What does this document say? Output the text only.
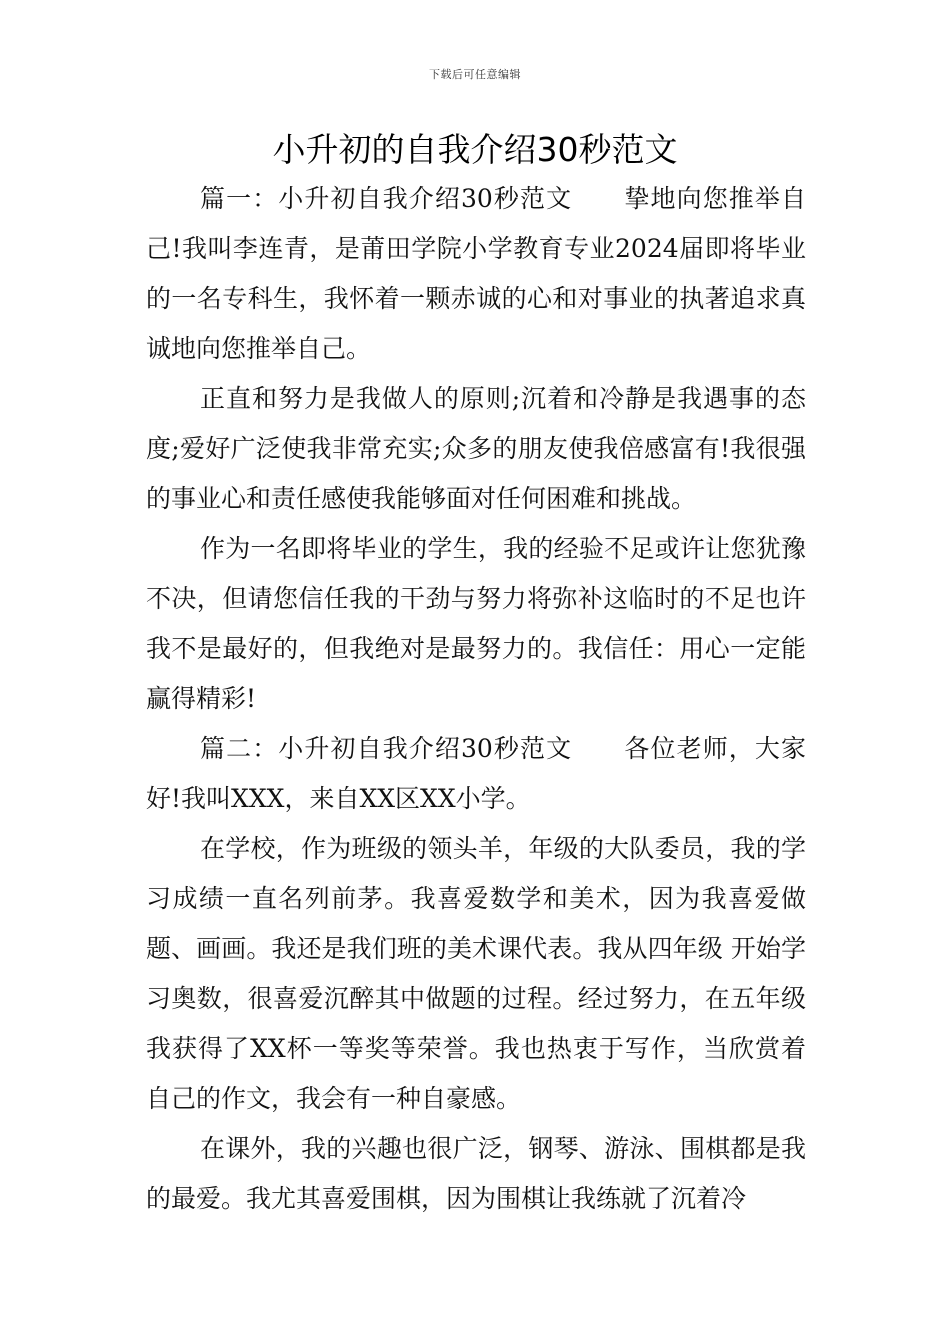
下载后可任意编辑
小升初的自我介绍30秒范文

篇一：小升初自我介绍30秒范文　　挚地向您推举自己!我叫李连青，是莆田学院小学教育专业2024届即将毕业的一名专科生，我怀着一颗赤诚的心和对事业的执著追求真诚地向您推举自己。

正直和努力是我做人的原则;沉着和冷静是我遇事的态度;爱好广泛使我非常充实;众多的朋友使我倍感富有!我很强的事业心和责任感使我能够面对任何困难和挑战。

作为一名即将毕业的学生，我的经验不足或许让您犹豫不决，但请您信任我的干劲与努力将弥补这临时的不足也许我不是最好的，但我绝对是最努力的。我信任：用心一定能赢得精彩!

篇二：小升初自我介绍30秒范文　　各位老师，大家好!我叫XXX，来自XX区XX小学。

在学校，作为班级的领头羊，年级的大队委员，我的学习成绩一直名列前茅。我喜爱数学和美术，因为我喜爱做题、画画。我还是我们班的美术课代表。我从四年级 开始学习奥数，很喜爱沉醉其中做题的过程。经过努力，在五年级我获得了XX杯一等奖等荣誉。我也热衷于写作，当欣赏着自己的作文，我会有一种自豪感。

在课外，我的兴趣也很广泛，钢琴、游泳、围棋都是我的最爱。我尤其喜爱围棋，因为围棋让我练就了沉着冷
